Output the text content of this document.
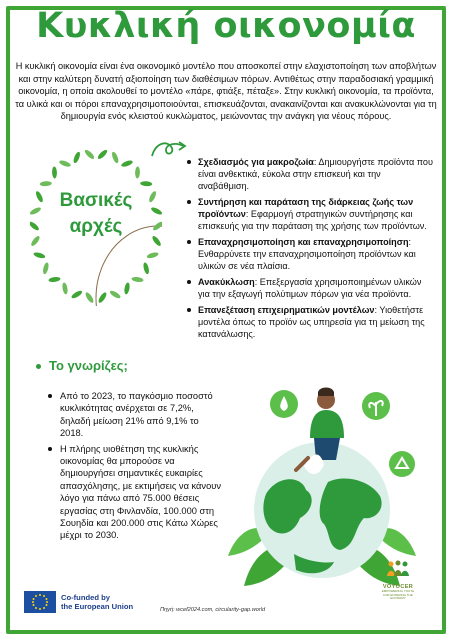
Κυκλική οικονομία

Η κυκλική οικονομία είναι ένα οικονομικό μοντέλο που αποσκοπεί στην ελαχιστοποίηση των αποβλήτων και στην καλύτερη δυνατή αξιοποίηση των διαθέσιμων πόρων. Αντιθέτως στην παραδοσιακή γραμμική οικονομία, η οποία ακολουθεί το μοντέλο «πάρε, φτιάξε, πέταξε». Στην κυκλική οικονομία, τα προϊόντα, τα υλικά και οι πόροι επαναχρησιμοποιούνται, επισκευάζονται, ανακαινίζονται και ανακυκλώνονται για τη δημιουργία ενός κλειστού κυκλώματος, μειώνοντας την ανάγκη για νέους πόρους.

Βασικές
αρχές
Σχεδιασμός για μακροζωία: Δημιουργήστε προϊόντα που είναι ανθεκτικά, εύκολα στην επισκευή και την αναβάθμιση.
Συντήρηση και παράταση της διάρκειας ζωής των προϊόντων: Εφαρμογή στρατηγικών συντήρησης και επισκευής για την παράταση της χρήσης των προϊόντων.
Επαναχρησιμοποίηση και επαναχρησιμοποίηση: Ενθαρρύνετε την επαναχρησιμοποίηση προϊόντων και υλικών σε νέα πλαίσια.
Ανακύκλωση: Επεξεργασία χρησιμοποιημένων υλικών για την εξαγωγή πολύτιμων πόρων για νέα προϊόντα.
Επανεξέταση επιχειρηματικών μοντέλων: Υιοθετήστε μοντέλα όπως το προϊόν ως υπηρεσία για τη μείωση της κατανάλωσης.
Το γνωρίζες;
Από το 2023, το παγκόσμιο ποσοστό κυκλικότητας ανέρχεται σε 7,2%, δηλαδή μείωση 21% από 9,1% το 2018.
Η πλήρης υιοθέτηση της κυκλικής οικονομίας θα μπορούσε να δημιουργήσει σημαντικές ευκαιρίες απασχόλησης, με εκτιμήσεις να κάνουν λόγο για πάνω από 75.000 θέσεις εργασίας στη Φινλανδία, 100.000 στη Σουηδία και 200.000 στις Κάτω Χώρες μέχρι το 2030.
Co-funded by
the European Union	Πηγή: wcef2024.com, circularity-gap.world
VOYOCER
EMPOWERING YOUTH
FOR ENTERING THE
ECONOMY
